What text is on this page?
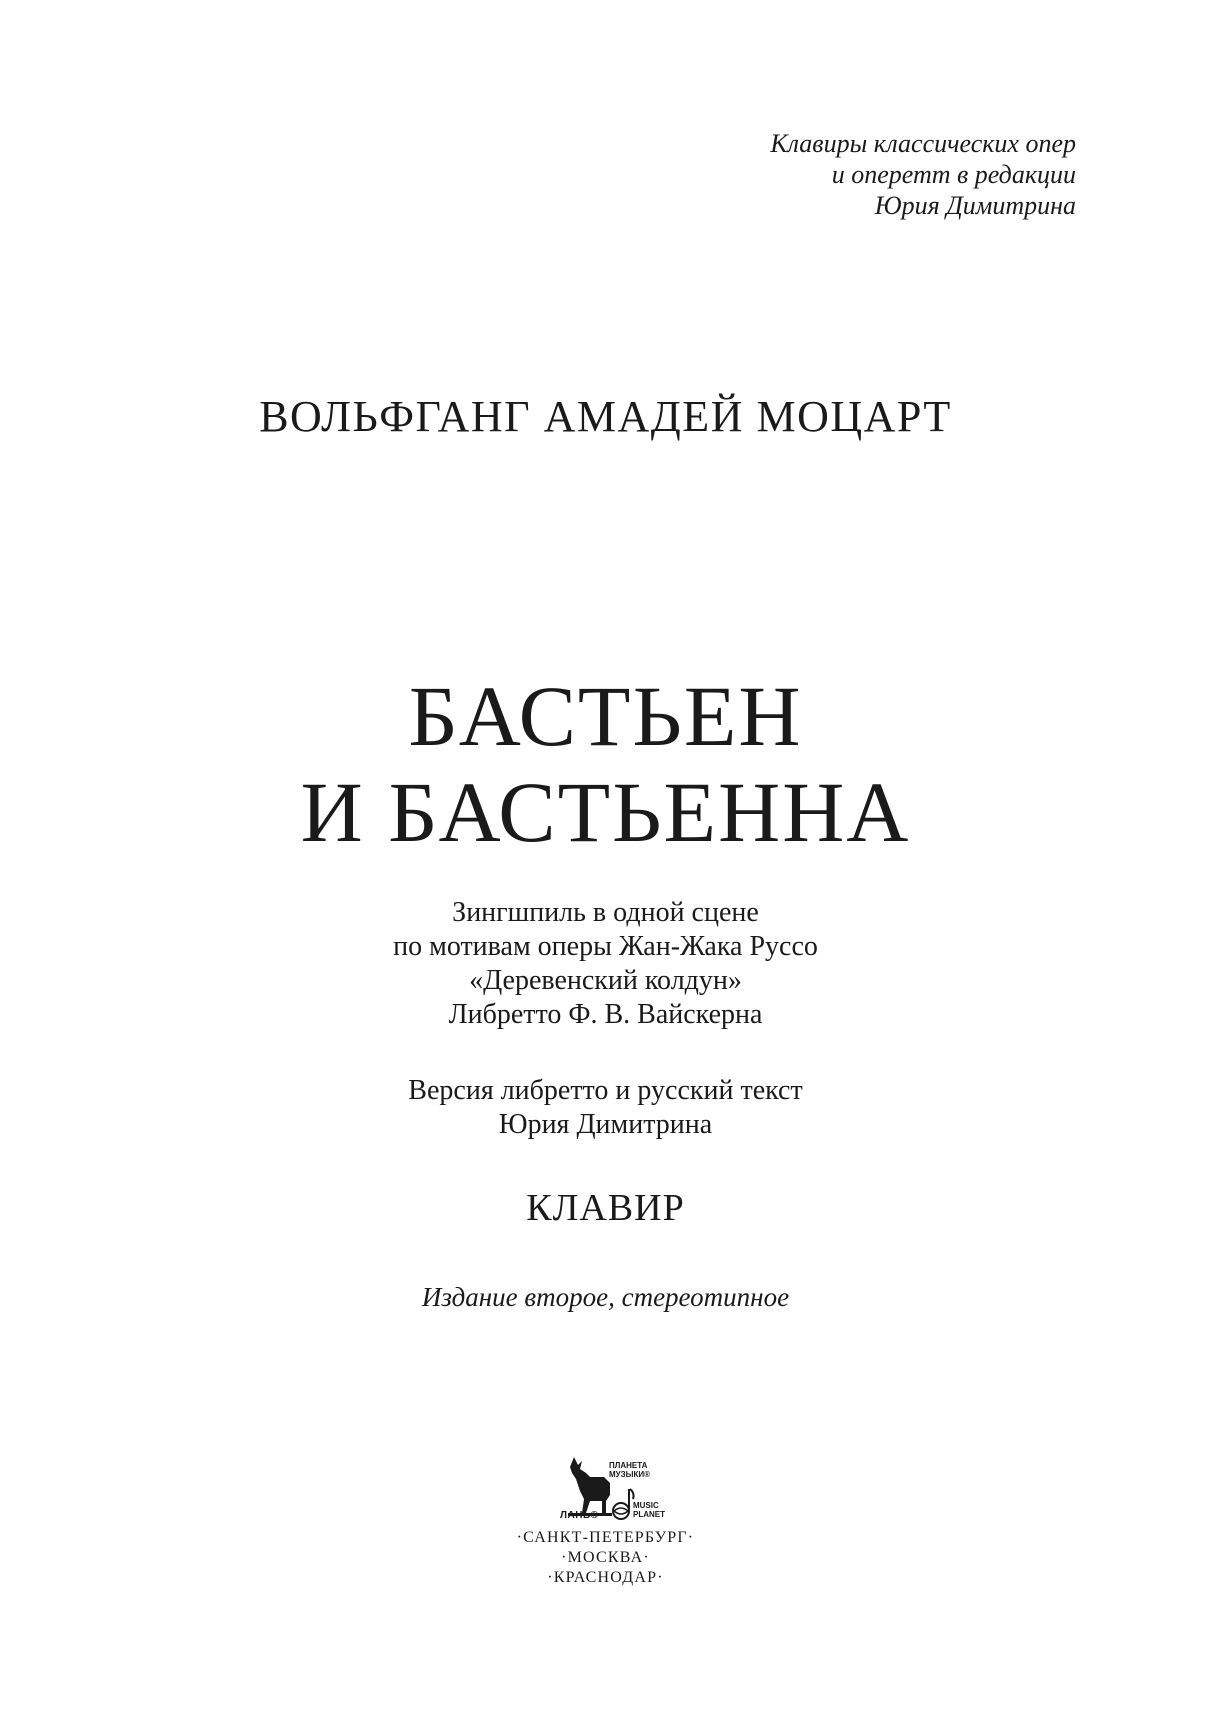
Клавиры классических опер
и оперетт в редакции
Юрия Димитрина
ВОЛЬФГАНГ АМАДЕЙ МОЦАРТ
БАСТЬЕН
И БАСТЬЕННА
Зингшпиль в одной сцене
по мотивам оперы Жан-Жака Руссо
«Деревенский колдун»
Либретто Ф. В. Вайскерна
Версия либретто и русский текст
Юрия Димитрина
КЛАВИР
Издание второе, стереотипное
ЛАНЬ®
ПЛАНЕТА
МУЗЫКИ®
MUSIC
PLANET
·САНКТ-ПЕТЕРБУРГ·
·МОСКВА·
·КРАСНОДАР·
